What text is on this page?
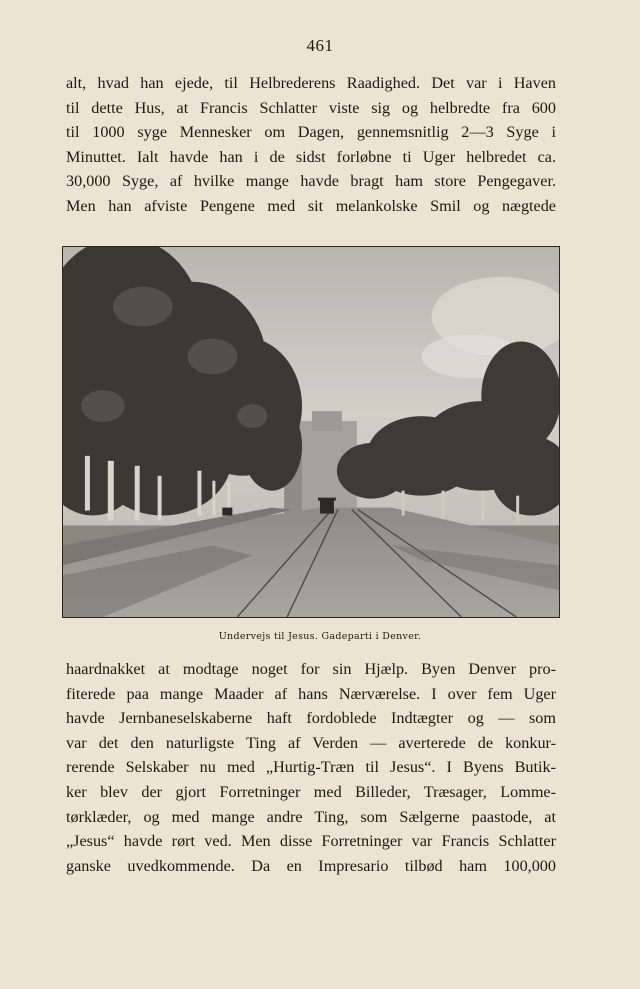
461
alt, hvad han ejede, til Helbrederens Raadighed. Det var i Haven
til dette Hus, at Francis Schlatter viste sig og helbredte fra 600
til 1000 syge Mennesker om Dagen, gennemsnitlig 2—3 Syge i
Minuttet. Ialt havde han i de sidst forløbne ti Uger helbredet ca.
30,000 Syge, af hvilke mange havde bragt ham store Pengegaver.
Men han afviste Pengene med sit melankolske Smil og nægtede
Undervejs til Jesus. Gadeparti i Denver.
haardnakket at modtage noget for sin Hjælp. Byen Denver pro-
fiterede paa mange Maader af hans Nærværelse. I over fem Uger
havde Jernbaneselskaberne haft fordoblede Indtægter og — som
var det den naturligste Ting af Verden — averterede de konkur-
rerende Selskaber nu med „Hurtig-Træn til Jesus“. I Byens Butik-
ker blev der gjort Forretninger med Billeder, Træsager, Lomme-
tørklæder, og med mange andre Ting, som Sælgerne paastode, at
„Jesus“ havde rørt ved. Men disse Forretninger var Francis Schlatter
ganske uvedkommende. Da en Impresario tilbød ham 100,000
